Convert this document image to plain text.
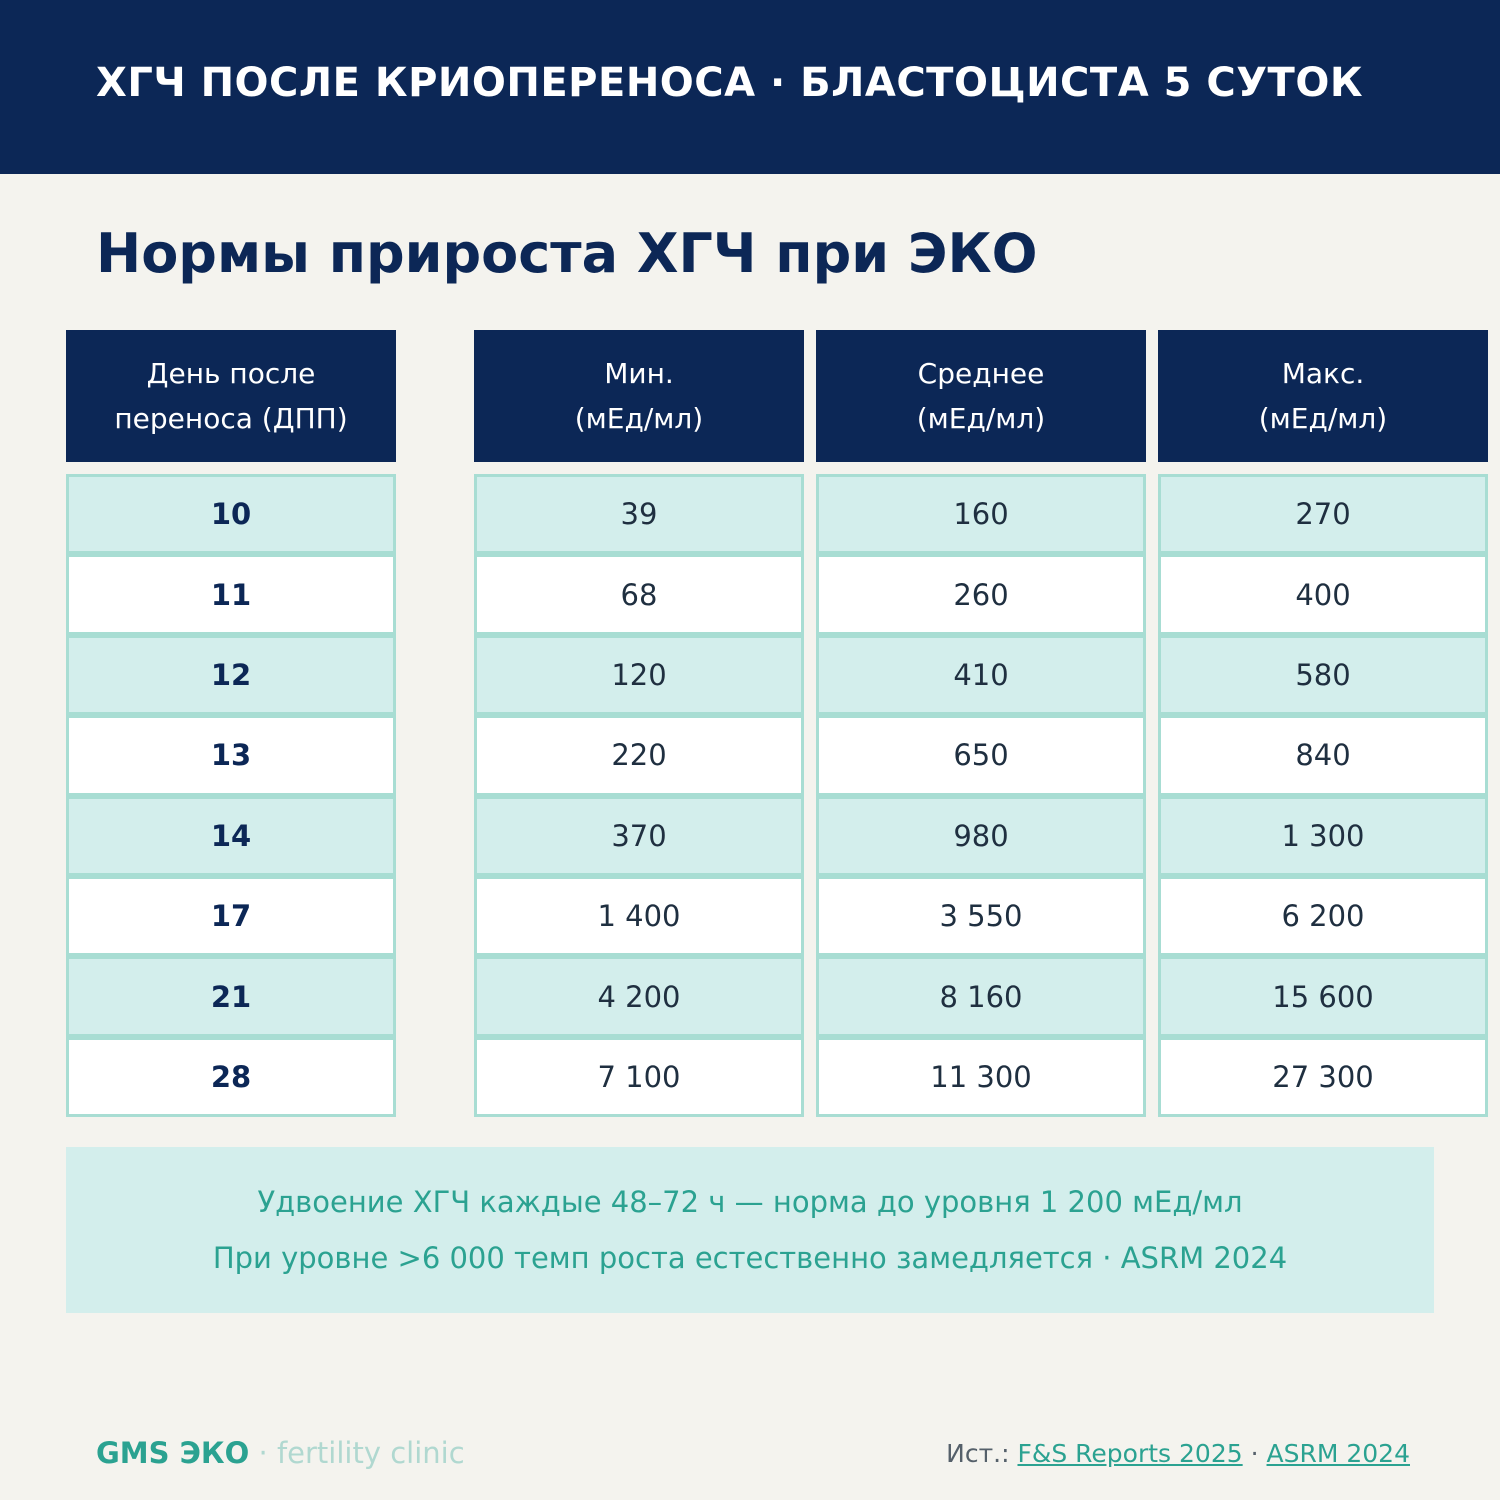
ХГЧ ПОСЛЕ КРИОПЕРЕНОСА · БЛАСТОЦИСТА 5 СУТОК
Нормы прироста ХГЧ при ЭКО
День после
переноса (ДПП)
10
11
12
13
14
17
21
28
Мин.
(мЕд/мл)
39
68
120
220
370
1 400
4 200
7 100
Среднее
(мЕд/мл)
160
260
410
650
980
3 550
8 160
11 300
Макс.
(мЕд/мл)
270
400
580
840
1 300
6 200
15 600
27 300
Удвоение ХГЧ каждые 48–72 ч — норма до уровня 1 200 мЕд/мл
При уровне >6 000 темп роста естественно замедляется · ASRM 2024
GMS ЭКО · fertility clinic	Ист.: F&S Reports 2025 · ASRM 2024
